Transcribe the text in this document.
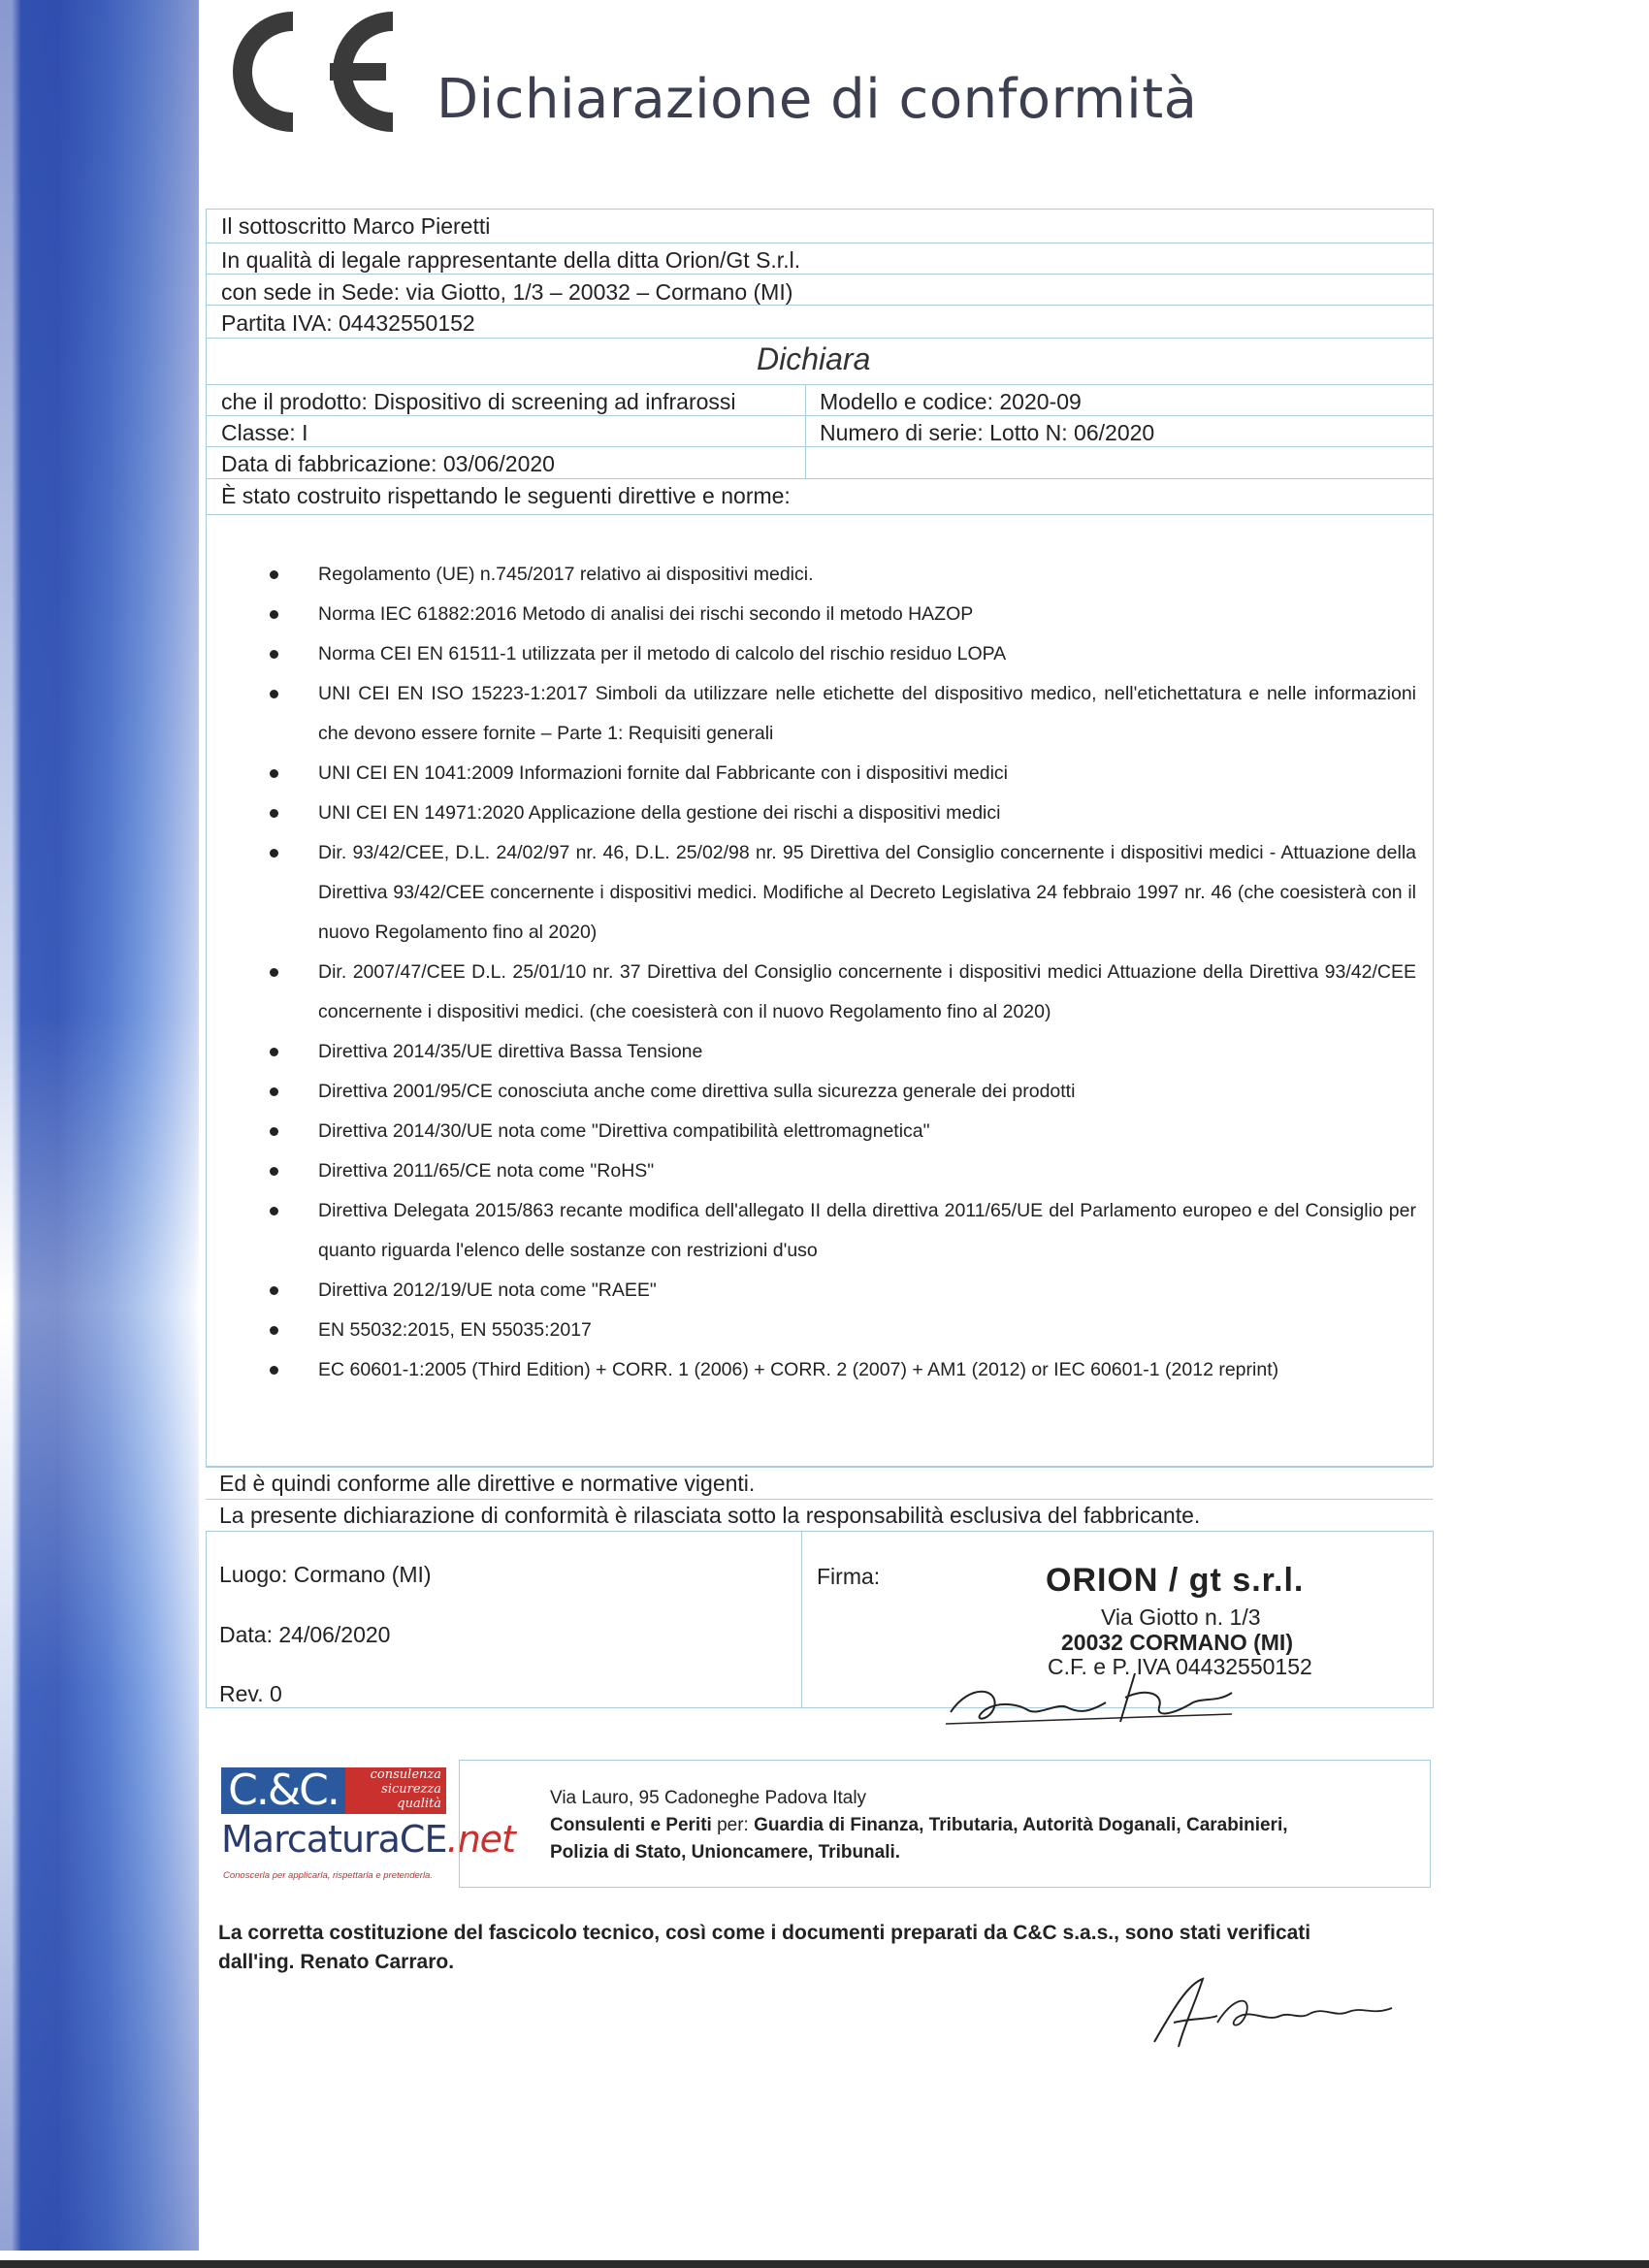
Dichiarazione di conformità
Il sottoscritto Marco Pieretti
In qualità di legale rappresentante della ditta Orion/Gt S.r.l.
con sede in Sede: via Giotto, 1/3 – 20032 – Cormano (MI)
Partita IVA: 04432550152
Dichiara
che il prodotto: Dispositivo di screening ad infrarossi	Modello e codice: 2020-09
Classe: I	Numero di serie: Lotto N: 06/2020
Data di fabbricazione: 03/06/2020
È stato costruito rispettando le seguenti direttive e norme:
Regolamento (UE) n.745/2017 relativo ai dispositivi medici.
Norma IEC 61882:2016 Metodo di analisi dei rischi secondo il metodo HAZOP
Norma CEI EN 61511-1 utilizzata per il metodo di calcolo del rischio residuo LOPA
UNI CEI EN ISO 15223-1:2017 Simboli da utilizzare nelle etichette del dispositivo medico, nell'etichettatura e nelle informazioni che devono essere fornite – Parte 1: Requisiti generali
UNI CEI EN 1041:2009 Informazioni fornite dal Fabbricante con i dispositivi medici
UNI CEI EN 14971:2020 Applicazione della gestione dei rischi a dispositivi medici
Dir. 93/42/CEE, D.L. 24/02/97 nr. 46, D.L. 25/02/98 nr. 95 Direttiva del Consiglio concernente i dispositivi medici - Attuazione della Direttiva 93/42/CEE concernente i dispositivi medici. Modifiche al Decreto Legislativa 24 febbraio 1997 nr. 46 (che coesisterà con il nuovo Regolamento fino al 2020)
Dir. 2007/47/CEE D.L. 25/01/10 nr. 37 Direttiva del Consiglio concernente i dispositivi medici Attuazione della Direttiva 93/42/CEE concernente i dispositivi medici. (che coesisterà con il nuovo Regolamento fino al 2020)
Direttiva 2014/35/UE direttiva Bassa Tensione
Direttiva 2001/95/CE conosciuta anche come direttiva sulla sicurezza generale dei prodotti
Direttiva 2014/30/UE nota come "Direttiva compatibilità elettromagnetica"
Direttiva 2011/65/CE nota come "RoHS"
Direttiva Delegata 2015/863 recante modifica dell'allegato II della direttiva 2011/65/UE del Parlamento europeo e del Consiglio per quanto riguarda l'elenco delle sostanze con restrizioni d'uso
Direttiva 2012/19/UE nota come "RAEE"
EN 55032:2015, EN 55035:2017
EC 60601-1:2005 (Third Edition) + CORR. 1 (2006) + CORR. 2 (2007) + AM1 (2012) or IEC 60601-1 (2012 reprint)
Ed è quindi conforme alle direttive e normative vigenti.
La presente dichiarazione di conformità è rilasciata sotto la responsabilità esclusiva del fabbricante.
Luogo: Cormano (MI)
Data: 24/06/2020
Rev. 0
Firma:	ORION / gt s.r.l.
Via Giotto n. 1/3
20032 CORMANO (MI)
C.F. e P. IVA 04432550152
C.&C.	consulenza
sicurezza
qualità
MarcaturaCE.net
Conoscerla per applicarla, rispettarla e pretenderla.
Via Lauro, 95 Cadoneghe Padova Italy
Consulenti e Periti per: Guardia di Finanza, Tributaria, Autorità Doganali, Carabinieri,
Polizia di Stato, Unioncamere, Tribunali.
La corretta costituzione del fascicolo tecnico, così come i documenti preparati da C&C s.a.s., sono stati verificati dall'ing. Renato Carraro.
